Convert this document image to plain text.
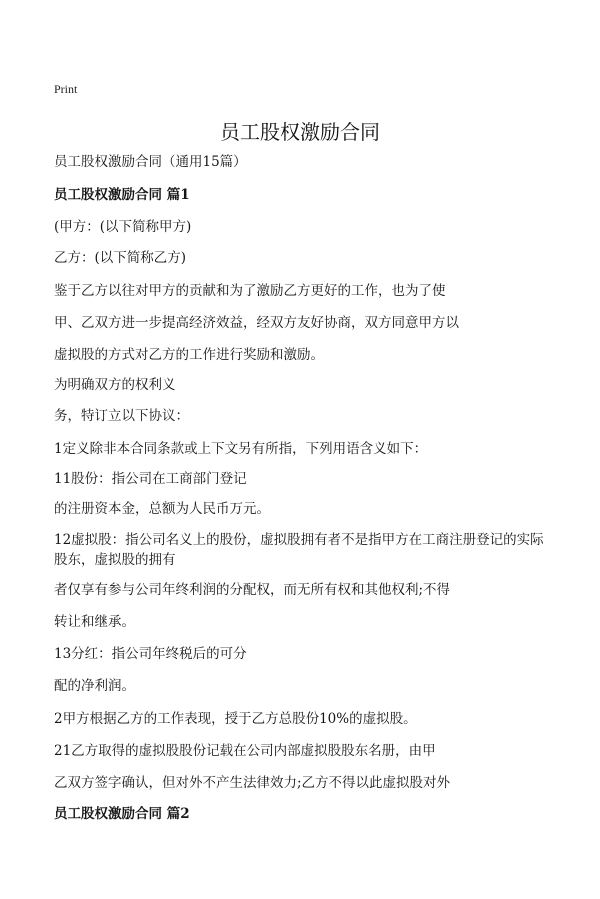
Print
员工股权激励合同
员工股权激励合同（通用15篇）
员工股权激励合同 篇1
(甲方：(以下简称甲方)
乙方：(以下简称乙方)
鉴于乙方以往对甲方的贡献和为了激励乙方更好的工作，也为了使
甲、乙双方进一步提高经济效益，经双方友好协商，双方同意甲方以
虚拟股的方式对乙方的工作进行奖励和激励。
为明确双方的权利义
务，特订立以下协议：
1定义除非本合同条款或上下文另有所指，下列用语含义如下：
11股份：指公司在工商部门登记
的注册资本金，总额为人民币万元。
12虚拟股：指公司名义上的股份，虚拟股拥有者不是指甲方在工商注册登记的实际股东，虚拟股的拥有
者仅享有参与公司年终利润的分配权，而无所有权和其他权利;不得
转让和继承。
13分红：指公司年终税后的可分
配的净利润。
2甲方根据乙方的工作表现，授于乙方总股份10%的虚拟股。
21乙方取得的虚拟股股份记载在公司内部虚拟股股东名册，由甲
乙双方签字确认，但对外不产生法律效力;乙方不得以此虚拟股对外
员工股权激励合同 篇2
